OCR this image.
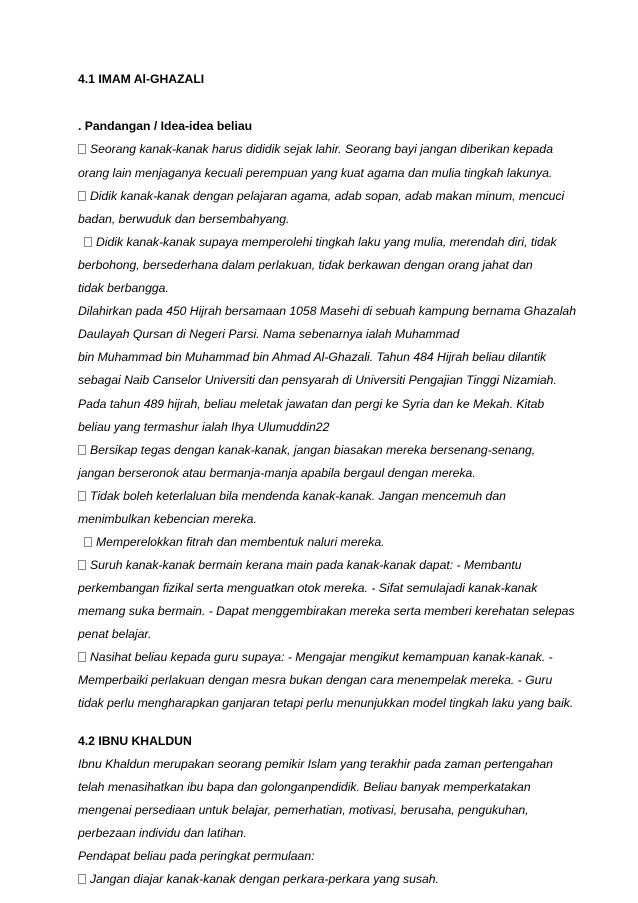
4.1 IMAM Al-GHAZALI
. Pandangan / Idea-idea beliau
Seorang kanak-kanak harus dididik sejak lahir. Seorang bayi jangan diberikan kepada
orang lain menjaganya kecuali perempuan yang kuat agama dan mulia tingkah lakunya.
Didik kanak-kanak dengan pelajaran agama, adab sopan, adab makan minum, mencuci
badan, berwuduk dan bersembahyang.
Didik kanak-kanak supaya memperolehi tingkah laku yang mulia, merendah diri, tidak
berbohong, bersederhana dalam perlakuan, tidak berkawan dengan orang jahat dan
tidak berbangga.
Dilahirkan pada 450 Hijrah bersamaan 1058 Masehi di sebuah kampung bernama Ghazalah
Daulayah Qursan di Negeri Parsi. Nama sebenarnya ialah Muhammad
bin Muhammad bin Muhammad bin Ahmad Al-Ghazali. Tahun 484 Hijrah beliau dilantik
sebagai Naib Canselor Universiti dan pensyarah di Universiti Pengajian Tinggi Nizamiah.
Pada tahun 489 hijrah, beliau meletak jawatan dan pergi ke Syria dan ke Mekah. Kitab
beliau yang termashur ialah Ihya Ulumuddin22
Bersikap tegas dengan kanak-kanak, jangan biasakan mereka bersenang-senang,
jangan berseronok atau bermanja-manja apabila bergaul dengan mereka.
Tidak boleh keterlaluan bila mendenda kanak-kanak. Jangan mencemuh dan
menimbulkan kebencian mereka.
Memperelokkan fitrah dan membentuk naluri mereka.
Suruh kanak-kanak bermain kerana main pada kanak-kanak dapat: - Membantu
perkembangan fizikal serta menguatkan otok mereka. - Sifat semulajadi kanak-kanak
memang suka bermain. - Dapat menggembirakan mereka serta memberi kerehatan selepas
penat belajar.
Nasihat beliau kepada guru supaya: - Mengajar mengikut kemampuan kanak-kanak. -
Memperbaiki perlakuan dengan mesra bukan dengan cara menempelak mereka. - Guru
tidak perlu mengharapkan ganjaran tetapi perlu menunjukkan model tingkah laku yang baik.
4.2 IBNU KHALDUN
Ibnu Khaldun merupakan seorang pemikir Islam yang terakhir pada zaman pertengahan
telah menasihatkan ibu bapa dan golonganpendidik. Beliau banyak memperkatakan
mengenai persediaan untuk belajar, pemerhatian, motivasi, berusaha, pengukuhan,
perbezaan individu dan latihan.
Pendapat beliau pada peringkat permulaan:
Jangan diajar kanak-kanak dengan perkara-perkara yang susah.
